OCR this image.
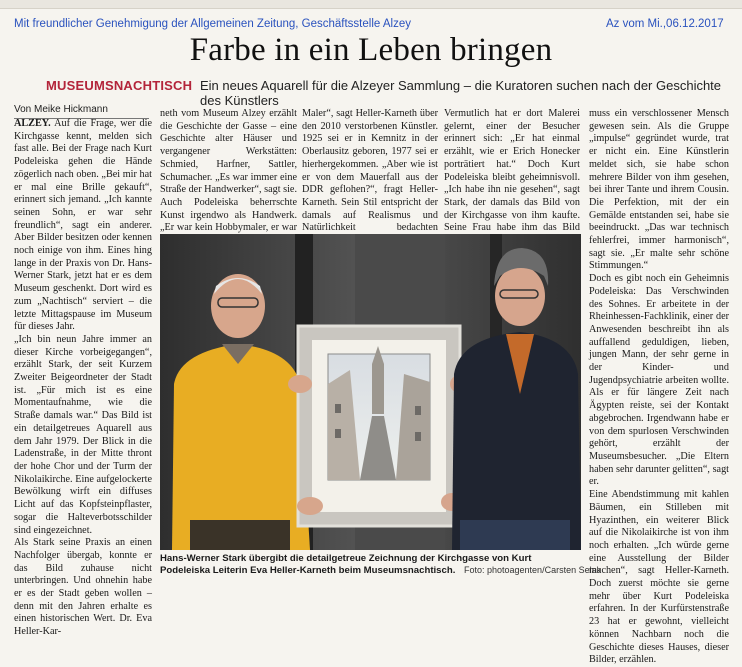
Mit freundlicher Genehmigung der Allgemeinen Zeitung, Geschäftsstelle Alzey	Az vom Mi.,06.12.2017
Farbe in ein Leben bringen
MUSEUMSNACHTISCH Ein neues Aquarell für die Alzeyer Sammlung – die Kuratoren suchen nach der Geschichte des Künstlers
Von Meike Hickmann
ALZEY. Auf die Frage, wer die Kirchgasse kennt, melden sich fast alle. Bei der Frage nach Kurt Podeleiska gehen die Hände zögerlich nach oben. „Bei mir hat er mal eine Brille gekauft“, erinnert sich jemand. „Ich kannte seinen Sohn, er war sehr freundlich“, sagt ein anderer. Aber Bilder besitzen oder kennen noch einige von ihm. Eines hing lange in der Praxis von Dr. Hans-Werner Stark, jetzt hat er es dem Museum geschenkt. Dort wird es zum „Nachtisch“ serviert – die letzte Mittagspause im Museum für dieses Jahr.
„Ich bin neun Jahre immer an dieser Kirche vorbeigegangen“, erzählt Stark, der seit Kurzem Zweiter Beigeordneter der Stadt ist. „Für mich ist es eine Momentaufnahme, wie die Straße damals war.“ Das Bild ist ein detailgetreues Aquarell aus dem Jahr 1979. Der Blick in die Ladenstraße, in der Mitte thront der hohe Chor und der Turm der Nikolaikirche. Eine aufgelockerte Bewölkung wirft ein diffuses Licht auf das Kopfsteinpflaster, sogar die Halteverbotsschilder sind eingezeichnet.
Als Stark seine Praxis an einen Nachfolger übergab, konnte er das Bild zuhause nicht unterbringen. Und ohnehin habe er es der Stadt geben wollen – denn mit den Jahren erhalte es einen historischen Wert. Dr. Eva Heller-Kar-
neth vom Museum Alzey erzählt die Geschichte der Gasse – eine Geschichte alter Häuser und vergangener Werkstätten: Schmied, Harfner, Sattler, Schumacher. „Es war immer eine Straße der Handwerker“, sagt sie. Auch Podeleiska beherrschte Kunst irgendwo als Handwerk. „Er war kein Hobbymaler, er war
Maler“, sagt Heller-Karneth über den 2010 verstorbenen Künstler. 1925 sei er in Kemnitz in der Oberlausitz geboren, 1977 sei er hierhergekommen. „Aber wie ist er von dem Mauerfall aus der DDR geflohen?“, fragt Heller-Karneth. Sein Stil entspricht der damals auf Realismus und Natürlichkeit bedachten
Vermutlich hat er dort Malerei gelernt, einer der Besucher erinnert sich: „Er hat einmal erzählt, wie er Erich Honecker porträtiert hat.“ Doch Kurt Podeleiska bleibt geheimnisvoll. „Ich habe ihn nie gesehen“, sagt Stark, der damals das Bild von der Kirchgasse von ihm kaufte. Seine Frau habe ihm das Bild
muss ein verschlossener Mensch gewesen sein. Als die Gruppe „impulse“ gegründet wurde, trat er nicht ein. Eine Künstlerin meldet sich, sie habe schon mehrere Bilder von ihm gesehen, bei ihrer Tante und ihrem Cousin. Die Perfektion, mit der ein Gemälde entstanden sei, habe sie beeindruckt. „Das war technisch fehlerfrei, immer harmonisch“, sagt sie. „Er malte sehr schöne Stimmungen.“
Doch es gibt noch ein Geheimnis Podeleiska: Das Verschwinden des Sohnes. Er arbeitete in der Rheinhessen-Fachklinik, einer der Anwesenden beschreibt ihn als auffallend geduldigen, lieben, jungen Mann, der sehr gerne in der Kinder- und Jugendpsychiatrie arbeiten wollte. Als er für längere Zeit nach Ägypten reiste, sei der Kontakt abgebrochen. Irgendwann habe er von dem spurlosen Verschwinden gehört, erzählt der Museumsbesucher. „Die Eltern haben sehr darunter gelitten“, sagt er.
Eine Abendstimmung mit kahlen Bäumen, ein Stilleben mit Hyazinthen, ein weiterer Blick auf die Nikolaikirche ist von ihm noch erhalten. „Ich würde gerne eine Ausstellung der Bilder machen“, sagt Heller-Karneth. Doch zuerst möchte sie gerne mehr über Kurt Podeleiska erfahren. In der Kurfürstenstraße 23 hat er gewohnt, vielleicht können Nachbarn noch die Geschichte dieses Hauses, dieser Bilder, erzählen.
Hans-Werner Stark übergibt die detailgetreue Zeichnung der Kirchgasse von Kurt Podeleiska Leiterin Eva Heller-Karneth beim Museumsnachtisch. Foto: photoagenten/Carsten Selak
